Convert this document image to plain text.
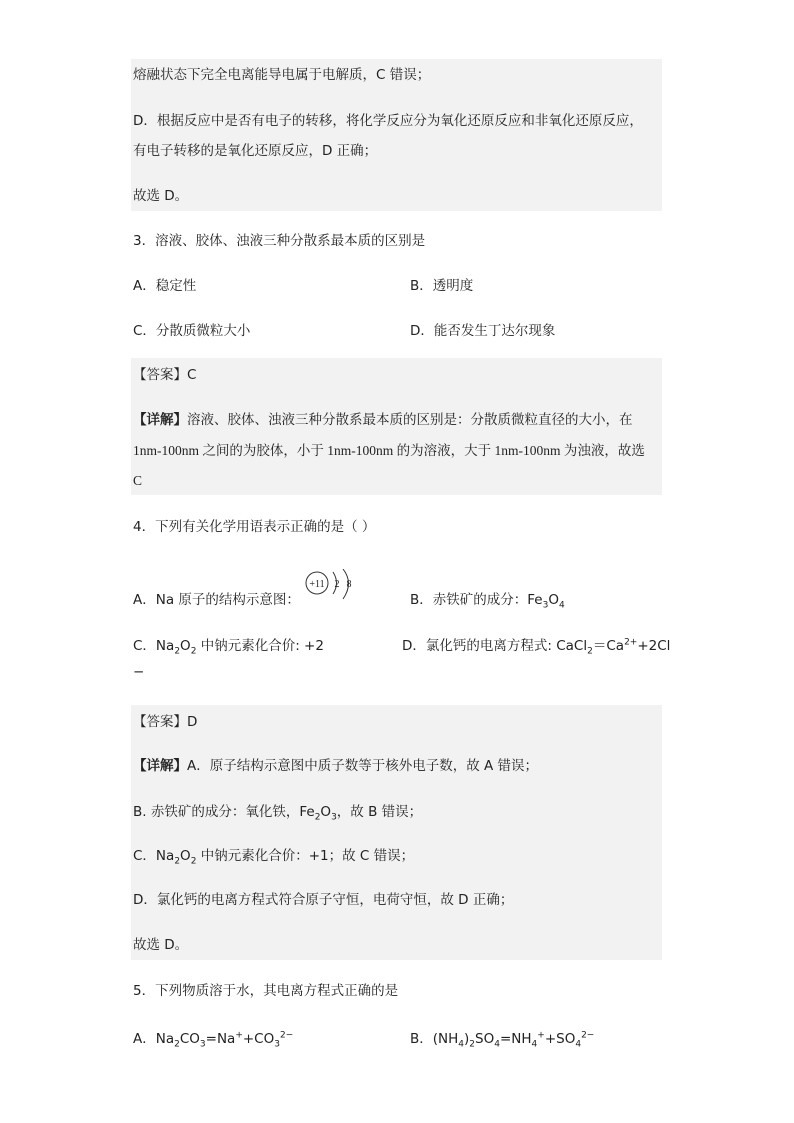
熔融状态下完全电离能导电属于电解质，C 错误；
D．根据反应中是否有电子的转移，将化学反应分为氧化还原反应和非氧化还原反应，
有电子转移的是氧化还原反应，D 正确；
故选 D。
3．溶液、胶体、浊液三种分散系最本质的区别是
A．稳定性	B．透明度
C．分散质微粒大小	D．能否发生丁达尔现象
【答案】C
【详解】溶液、胶体、浊液三种分散系最本质的区别是：分散质微粒直径的大小，在
1nm-100nm 之间的为胶体，小于 1nm-100nm 的为溶液，大于 1nm-100nm 为浊液，故选
C
4．下列有关化学用语表示正确的是（ ）
A．Na 原子的结构示意图：
+11 2 8
B．赤铁矿的成分：$Fe_3O_4$
C．$Na_2O_2$ 中钠元素化合价: +2	D．氯化钙的电离方程式: $CaCl_2=Ca^{2+}+2Cl$
−
【答案】D
【详解】A．原子结构示意图中质子数等于核外电子数，故 A 错误；
B. 赤铁矿的成分：氧化铁，$Fe_2O_3$，故 B 错误；
C．$Na_2O_2$ 中钠元素化合价：+1；故 C 错误；
D．氯化钙的电离方程式符合原子守恒，电荷守恒，故 D 正确；
故选 D。
5．下列物质溶于水，其电离方程式正确的是
A．$Na_2CO_3=Na^++CO_3^{2-}$	B．$(NH_4)_2SO_4=NH_4^++SO_4^{2-}$
